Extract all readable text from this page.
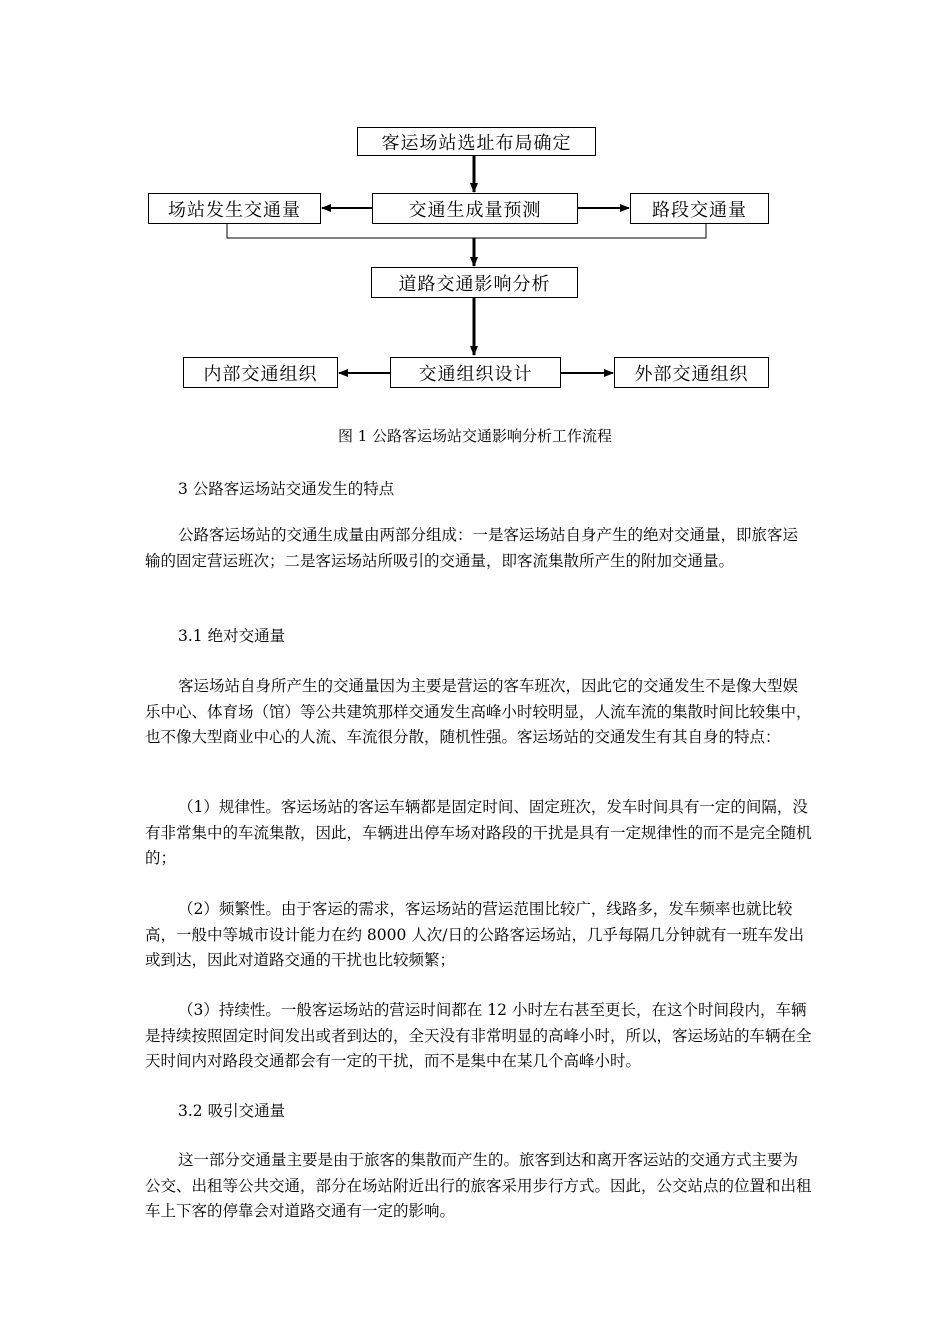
客运场站选址布局确定
场站发生交通量	交通生成量预测	路段交通量
道路交通影响分析
内部交通组织	交通组织设计	外部交通组织
图 1 公路客运场站交通影响分析工作流程

3 公路客运场站交通发生的特点

公路客运场站的交通生成量由两部分组成：一是客运场站自身产生的绝对交通量，即旅客运输的固定营运班次；二是客运场站所吸引的交通量，即客流集散所产生的附加交通量。

3.1 绝对交通量

客运场站自身所产生的交通量因为主要是营运的客车班次，因此它的交通发生不是像大型娱乐中心、体育场（馆）等公共建筑那样交通发生高峰小时较明显，人流车流的集散时间比较集中，也不像大型商业中心的人流、车流很分散，随机性强。客运场站的交通发生有其自身的特点：

（1）规律性。客运场站的客运车辆都是固定时间、固定班次，发车时间具有一定的间隔，没有非常集中的车流集散，因此，车辆进出停车场对路段的干扰是具有一定规律性的而不是完全随机的；

（2）频繁性。由于客运的需求，客运场站的营运范围比较广，线路多，发车频率也就比较高，一般中等城市设计能力在约 8000 人次/日的公路客运场站，几乎每隔几分钟就有一班车发出或到达，因此对道路交通的干扰也比较频繁；

（3）持续性。一般客运场站的营运时间都在 12 小时左右甚至更长，在这个时间段内，车辆是持续按照固定时间发出或者到达的，全天没有非常明显的高峰小时，所以，客运场站的车辆在全天时间内对路段交通都会有一定的干扰，而不是集中在某几个高峰小时。

3.2 吸引交通量

这一部分交通量主要是由于旅客的集散而产生的。旅客到达和离开客运站的交通方式主要为公交、出租等公共交通，部分在场站附近出行的旅客采用步行方式。因此，公交站点的位置和出租车上下客的停靠会对道路交通有一定的影响。
